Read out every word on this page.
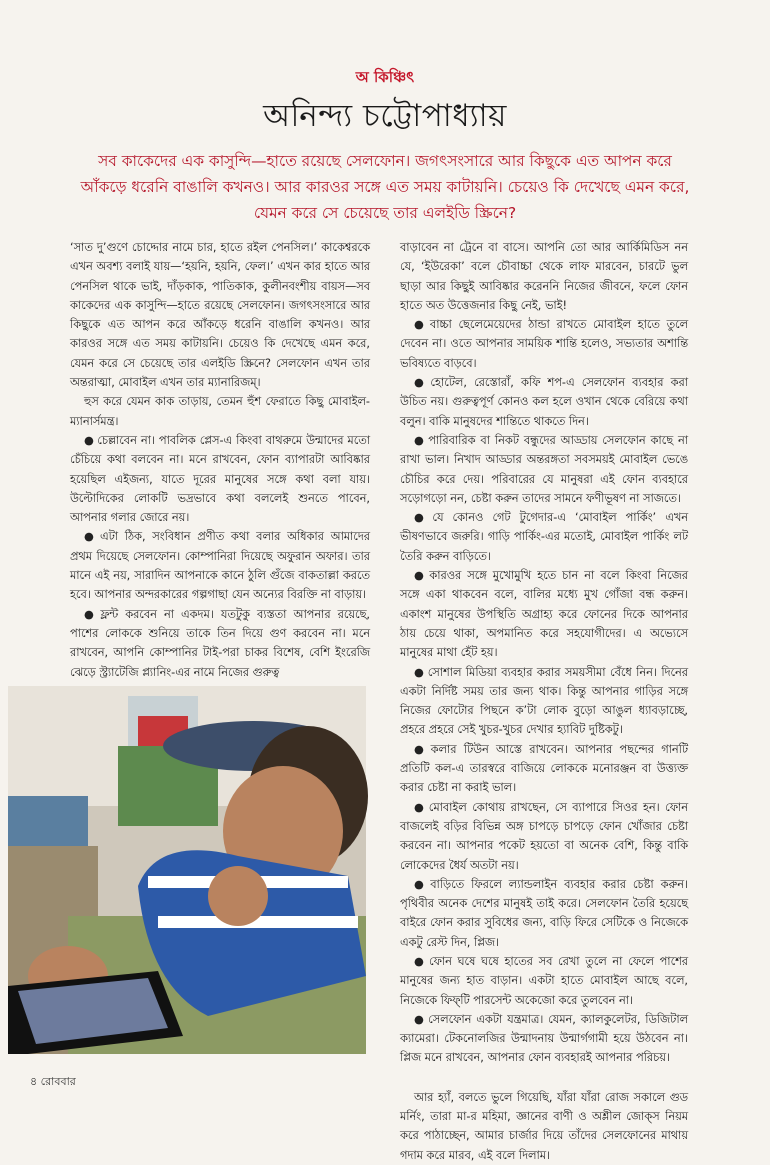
অ কিঞ্চিৎ
অনিন্দ্য চট্টোপাধ্যায়
সব কাকেদের এক কাসুন্দি—হাতে রয়েছে সেলফোন। জগৎসংসারে আর কিছুকে এত আপন করে আঁকড়ে ধরেনি বাঙালি কখনও। আর কারওর সঙ্গে এত সময় কাটায়নি। চেয়েও কি দেখেছে এমন করে, যেমন করে সে চেয়েছে তার এলইডি স্ক্রিনে?

‘সাত দু’গুণে চোদ্দোর নামে চার, হাতে রইল পেনসিল।’ কাকেশ্বরকে এখন অবশ্য বলাই যায়—‘হয়নি, হয়নি, ফেল।’ এখন কার হাতে আর পেনসিল থাকে ভাই, দাঁড়কাক, পাতিকাক, কুলীনবংশীয় বায়স—সব কাকেদের এক কাসুন্দি—হাতে রয়েছে সেলফোন। জগৎসংসারে আর কিছুকে এত আপন করে আঁকড়ে ধরেনি বাঙালি কখনও। আর কারওর সঙ্গে এত সময় কাটায়নি। চেয়েও কি দেখেছে এমন করে, যেমন করে সে চেয়েছে তার এলইডি স্ক্রিনে? সেলফোন এখন তার অন্তরাত্মা, মোবাইল এখন তার ম্যানারিজম্‌।

হুস করে যেমন কাক তাড়ায়, তেমন হুঁশ ফেরাতে কিছু মোবাইল-ম্যানার্সমন্ত্র।

● চেল্লাবেন না। পাবলিক প্লেস-এ কিংবা বাথরুমে উন্মাদের মতো চেঁচিয়ে কথা বলবেন না। মনে রাখবেন, ফোন ব্যাপারটা আবিষ্কার হয়েছিল এইজন্য, যাতে দূরের মানুষের সঙ্গে কথা বলা যায়। উল্টোদিকের লোকটি ভদ্রভাবে কথা বললেই শুনতে পাবেন, আপনার গলার জোরে নয়।

● এটা ঠিক, সংবিধান প্রণীত কথা বলার অধিকার আমাদের প্রথম দিয়েছে সেলফোন। কোম্পানিরা দিয়েছে অফুরান অফার। তার মানে এই নয়, সারাদিন আপনাকে কানে ঠুলি গুঁজে বাকতাল্লা করতে হবে। আপনার অন্দরকারের গল্পগাছা যেন অন্যের বিরক্তি না বাড়ায়।

● ফ্লন্ট করবেন না একদম। যতটুকু ব্যস্ততা আপনার রয়েছে, পাশের লোককে শুনিয়ে তাকে তিন দিয়ে গুণ করবেন না। মনে রাখবেন, আপনি কোম্পানির টাই-পরা চাকর বিশেষ, বেশি ইংরেজি ঝেড়ে স্ট্র্যাটেজি প্ল্যানিং-এর নামে নিজের গুরুত্ব

বাড়াবেন না ট্রেনে বা বাসে। আপনি তো আর আর্কিমিডিস নন যে, ‘ইউরেকা’ বলে চৌবাচ্চা থেকে লাফ মারবেন, চারটে ভুল ছাড়া আর কিছুই আবিষ্কার করেননি নিজের জীবনে, ফলে ফোন হাতে অত উত্তেজনার কিছু নেই, ভাই!

● বাচ্চা ছেলেমেয়েদের ঠান্ডা রাখতে মোবাইল হাতে তুলে দেবেন না। ওতে আপনার সাময়িক শান্তি হলেও, সভ্যতার অশান্তি ভবিষ্যতে বাড়বে।

● হোটেল, রেস্তোরাঁ, কফি শপ-এ সেলফোন ব্যবহার করা উচিত নয়। গুরুত্বপূর্ণ কোনও কল হলে ওখান থেকে বেরিয়ে কথা বলুন। বাকি মানুষদের শান্তিতে থাকতে দিন।

● পারিবারিক বা নিকট বন্ধুদের আড্ডায় সেলফোন কাছে না রাখা ভাল। নিখাদ আড্ডার অন্তরঙ্গতা সবসময়ই মোবাইল ভেঙে চৌচির করে দেয়। পরিবারের যে মানুষরা এই ফোন ব্যবহারে সড়োগড়ো নন, চেষ্টা করুন তাদের সামনে ফণীভূষণ না সাজতে।

● যে কোনও গেট টুগেদার-এ ‘মোবাইল পার্কিং’ এখন ভীষণভাবে জরুরি। গাড়ি পার্কিং-এর মতোই, মোবাইল পার্কিং লট তৈরি করুন বাড়িতে।

● কারওর সঙ্গে মুখোমুখি হতে চান না বলে কিংবা নিজের সঙ্গে একা থাকবেন বলে, বালির মধ্যে মুখ গোঁজা বন্ধ করুন। একাংশ মানুষের উপস্থিতি অগ্রাহ্য করে ফোনের দিকে আপনার ঠায় চেয়ে থাকা, অপমানিত করে সহযোগীদের। এ অভ্যেসে মানুষের মাথা হেঁট হয়।

● সোশাল মিডিয়া ব্যবহার করার সময়সীমা বেঁধে নিন। দিনের একটা নির্দিষ্ট সময় তার জন্য থাক। কিন্তু আপনার গাড়ির সঙ্গে নিজের ফোটোর পিছনে ক’টা লোক বুড়ো আঙুল ধ্যাবড়াচ্ছে, প্রহরে প্রহরে সেই খুচর-খুচর দেখার হ্যাবিট দুষ্টিকটু।

● কলার টিউন আস্তে রাখবেন। আপনার পছন্দের গানটি প্রতিটি কল-এ তারস্বরে বাজিয়ে লোককে মনোরঞ্জন বা উত্ত্যক্ত করার চেষ্টা না করাই ভাল।

● মোবাইল কোথায় রাখছেন, সে ব্যাপারে সিওর হন। ফোন বাজলেই বড়ির বিভিন্ন অঙ্গ চাপড়ে চাপড়ে ফোন খোঁজার চেষ্টা করবেন না। আপনার পকেট হয়তো বা অনেক বেশি, কিন্তু বাকি লোকেদের ধৈর্য অতটা নয়।

● বাড়িতে ফিরলে ল্যান্ডলাইন ব্যবহার করার চেষ্টা করুন। পৃথিবীর অনেক দেশের মানুষই তাই করে। সেলফোন তৈরি হয়েছে বাইরে ফোন করার সুবিধের জন্য, বাড়ি ফিরে সেটিকে ও নিজেকে একটু রেস্ট দিন, প্লিজ।

● ফোন ঘষে ঘষে হাতের সব রেখা তুলে না ফেলে পাশের মানুষের জন্য হাত বাড়ান। একটা হাতে মোবাইল আছে বলে, নিজেকে ফিফ্‌টি পারসেন্ট অকেজো করে তুলবেন না।

● সেলফোন একটা যন্ত্রমাত্র। যেমন, ক্যালকুলেটর, ডিজিটাল ক্যামেরা। টেকনোলজির উন্মাদনায় উন্মার্গগামী হয়ে উঠবেন না। প্লিজ মনে রাখবেন, আপনার ফোন ব্যবহারই আপনার পরিচয়।

আর হ্যাঁ, বলতে ভুলে গিয়েছি, যাঁরা যাঁরা রোজ সকালে গুড মর্নিং, তারা মা-র মহিমা, জ্ঞানের বাণী ও অশ্লীল জোক্‌স নিয়ম করে পাঠাচ্ছেন, আমার চার্জার দিয়ে তাঁদের সেলফোনের মাথায় গদাম করে মারব, এই বলে দিলাম।

৪ রোববার
